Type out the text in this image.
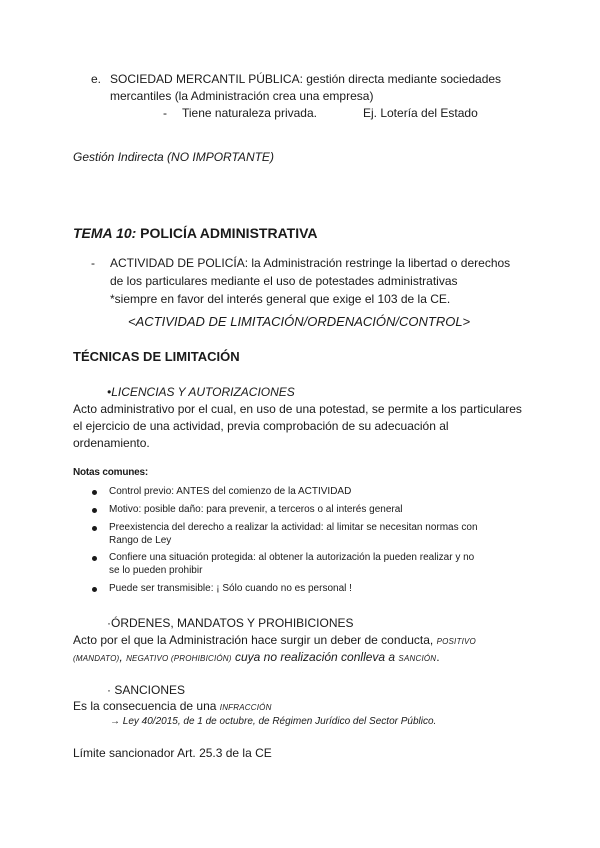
e. SOCIEDAD MERCANTIL PÚBLICA: gestión directa mediante sociedades
mercantiles (la Administración crea una empresa)
- Tiene naturaleza privada.	Ej. Lotería del Estado
Gestión Indirecta (NO IMPORTANTE)
TEMA 10: POLICÍA ADMINISTRATIVA
- ACTIVIDAD DE POLICÍA: la Administración restringe la libertad o derechos
de los particulares mediante el uso de potestades administrativas
*siempre en favor del interés general que exige el 103 de la CE.
<ACTIVIDAD DE LIMITACIÓN/ORDENACIÓN/CONTROL>
TÉCNICAS DE LIMITACIÓN
•LICENCIAS Y AUTORIZACIONES
Acto administrativo por el cual, en uso de una potestad, se permite a los particulares
el ejercicio de una actividad, previa comprobación de su adecuación al
ordenamiento.
Notas comunes:
Control previo: ANTES del comienzo de la ACTIVIDAD
Motivo: posible daño: para prevenir, a terceros o al interés general
Preexistencia del derecho a realizar la actividad: al limitar se necesitan normas con
Rango de Ley
Confiere una situación protegida: al obtener la autorización la pueden realizar y no
se lo pueden prohibir
Puede ser transmisible: ¡ Sólo cuando no es personal !
·ÓRDENES, MANDATOS Y PROHIBICIONES
Acto por el que la Administración hace surgir un deber de conducta, POSITIVO
(MANDATO), NEGATIVO (PROHIBICIÓN) cuya no realización conlleva a SANCIÓN.
· SANCIONES
Es la consecuencia de una INFRACCIÓN
→ Ley 40/2015, de 1 de octubre, de Régimen Jurídico del Sector Público.
Límite sancionador Art. 25.3 de la CE
